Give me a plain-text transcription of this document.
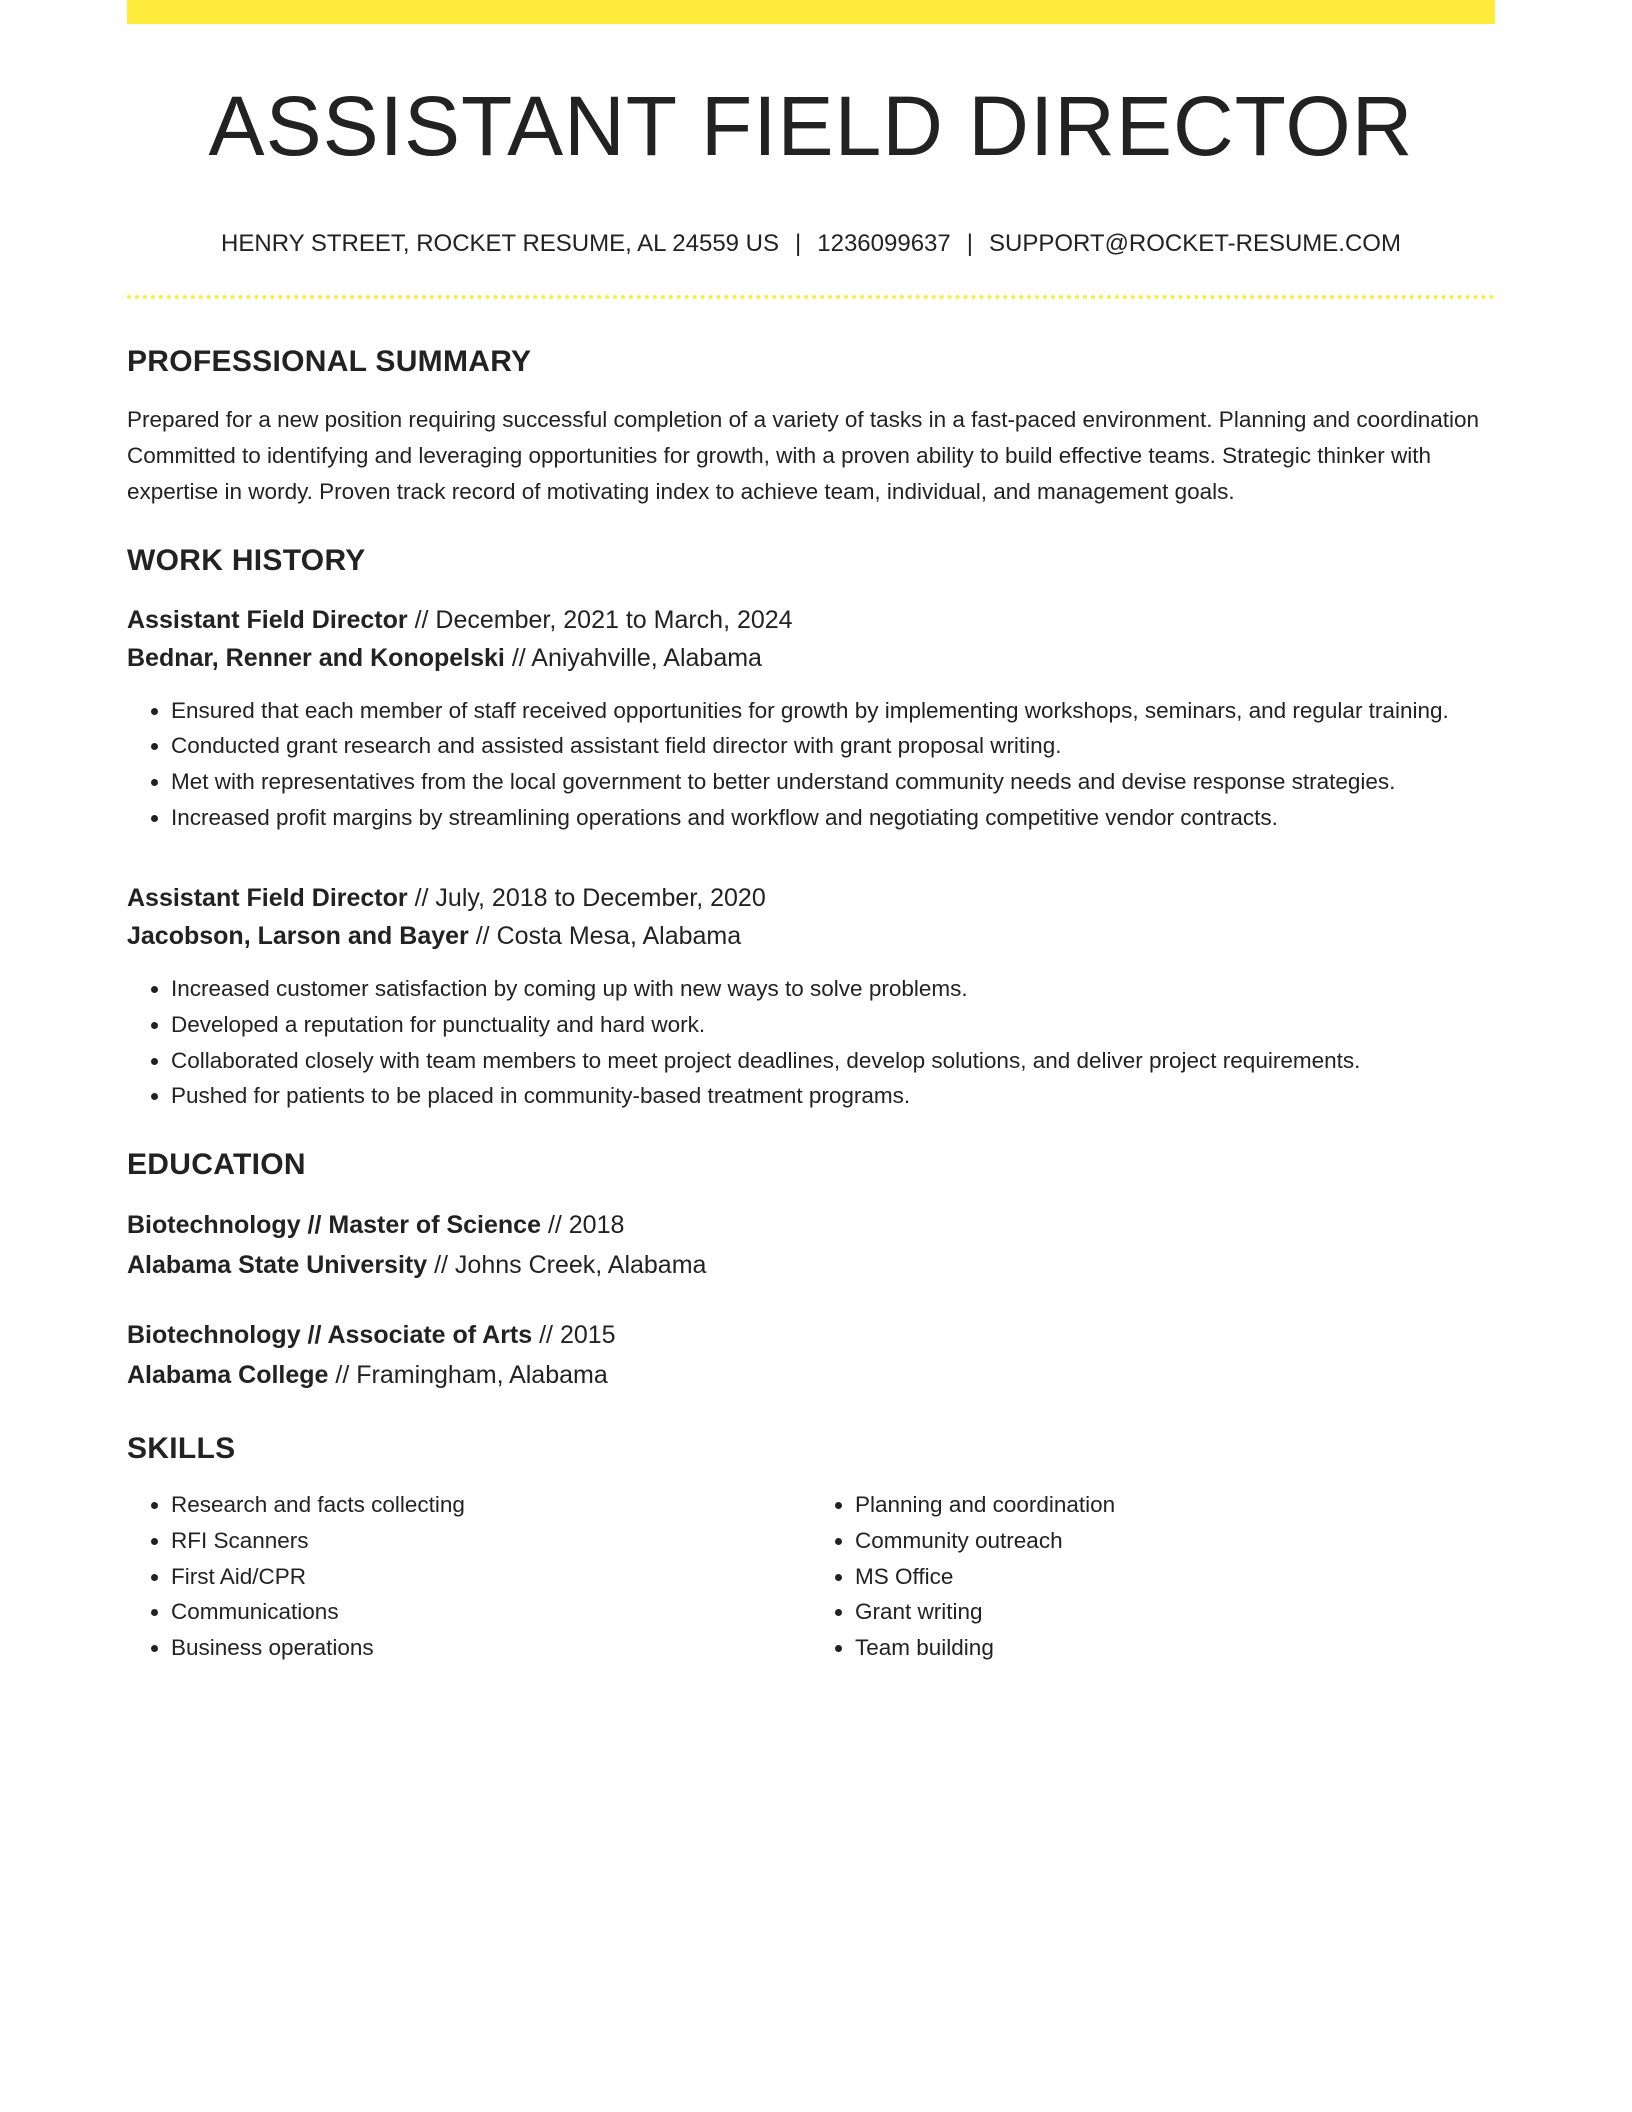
ASSISTANT FIELD DIRECTOR
HENRY STREET, ROCKET RESUME, AL 24559 US | 1236099637 | SUPPORT@ROCKET-RESUME.COM
PROFESSIONAL SUMMARY

Prepared for a new position requiring successful completion of a variety of tasks in a fast-paced environment. Planning and coordination Committed to identifying and leveraging opportunities for growth, with a proven ability to build effective teams. Strategic thinker with expertise in wordy. Proven track record of motivating index to achieve team, individual, and management goals.

WORK HISTORY
Assistant Field Director // December, 2021 to March, 2024
Bednar, Renner and Konopelski // Aniyahville, Alabama
• Ensured that each member of staff received opportunities for growth by implementing workshops, seminars, and regular training.
• Conducted grant research and assisted assistant field director with grant proposal writing.
• Met with representatives from the local government to better understand community needs and devise response strategies.
• Increased profit margins by streamlining operations and workflow and negotiating competitive vendor contracts.
Assistant Field Director // July, 2018 to December, 2020
Jacobson, Larson and Bayer // Costa Mesa, Alabama
• Increased customer satisfaction by coming up with new ways to solve problems.
• Developed a reputation for punctuality and hard work.
• Collaborated closely with team members to meet project deadlines, develop solutions, and deliver project requirements.
• Pushed for patients to be placed in community-based treatment programs.
EDUCATION
Biotechnology // Master of Science // 2018
Alabama State University // Johns Creek, Alabama
Biotechnology // Associate of Arts // 2015
Alabama College // Framingham, Alabama
SKILLS
• Research and facts collecting
• RFI Scanners
• First Aid/CPR
• Communications
• Business operations
• Planning and coordination
• Community outreach
• MS Office
• Grant writing
• Team building
